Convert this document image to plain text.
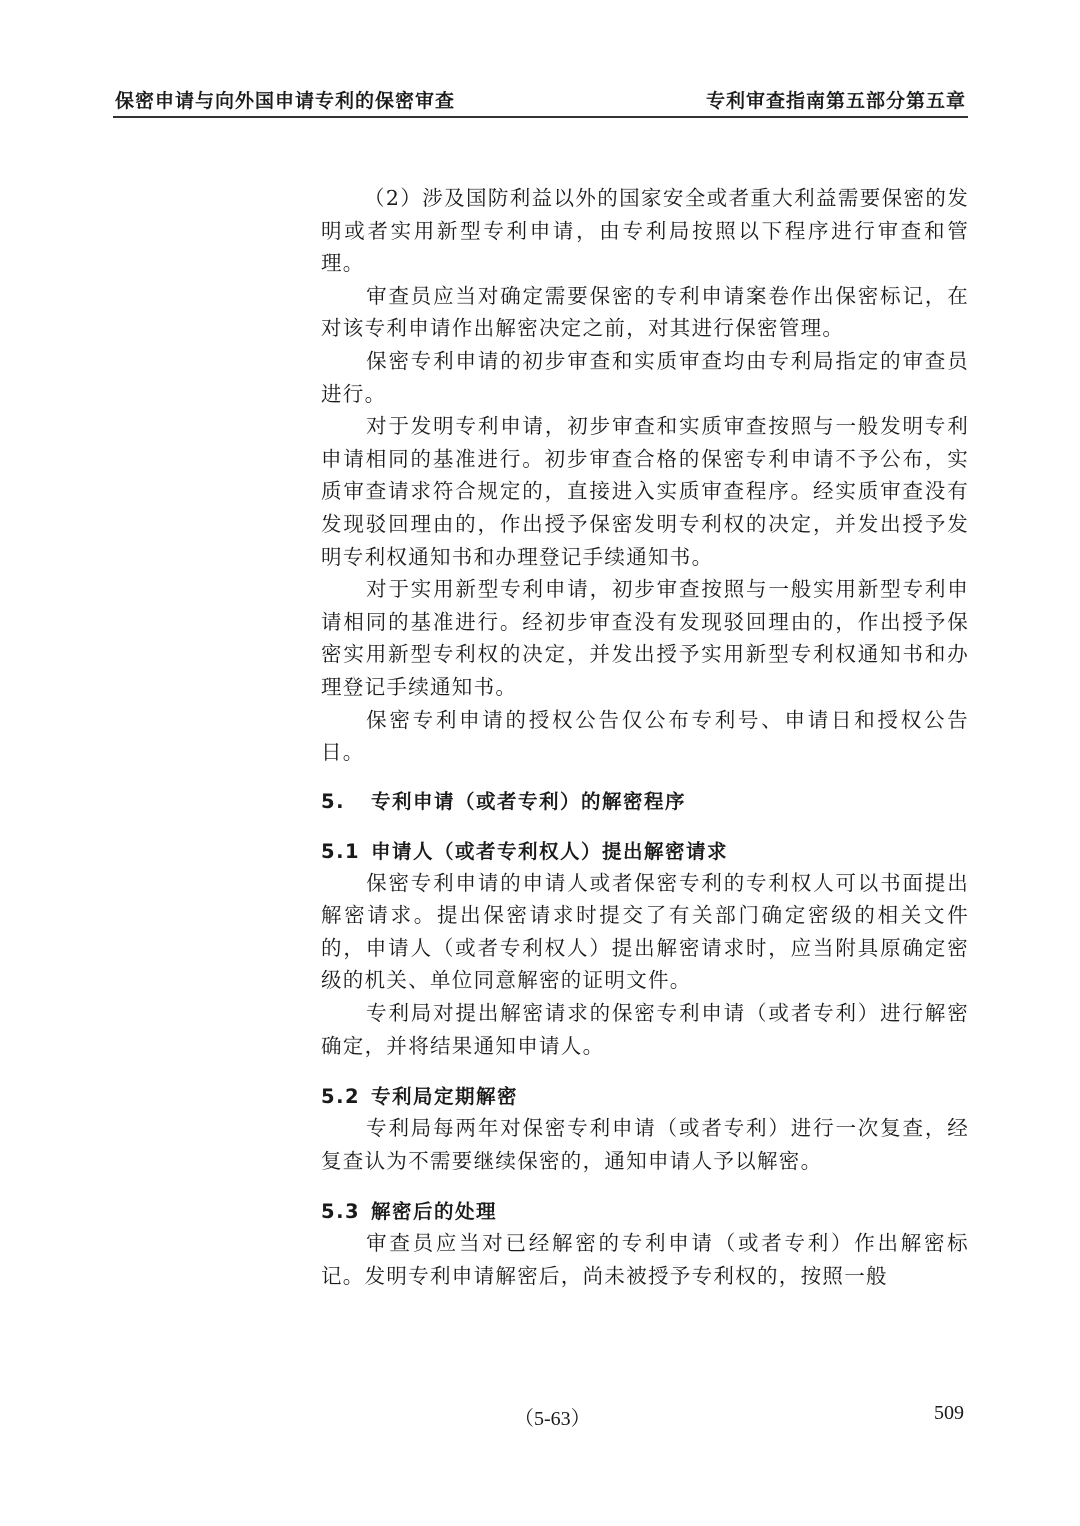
保密申请与向外国申请专利的保密审查	专利审查指南第五部分第五章

（2）涉及国防利益以外的国家安全或者重大利益需要保密的发明或者实用新型专利申请，由专利局按照以下程序进行审查和管理。

审查员应当对确定需要保密的专利申请案卷作出保密标记，在对该专利申请作出解密决定之前，对其进行保密管理。

保密专利申请的初步审查和实质审查均由专利局指定的审查员进行。

对于发明专利申请，初步审查和实质审查按照与一般发明专利申请相同的基准进行。初步审查合格的保密专利申请不予公布，实质审查请求符合规定的，直接进入实质审查程序。经实质审查没有发现驳回理由的，作出授予保密发明专利权的决定，并发出授予发明专利权通知书和办理登记手续通知书。

对于实用新型专利申请，初步审查按照与一般实用新型专利申请相同的基准进行。经初步审查没有发现驳回理由的，作出授予保密实用新型专利权的决定，并发出授予实用新型专利权通知书和办理登记手续通知书。

保密专利申请的授权公告仅公布专利号、申请日和授权公告日。

5. 专利申请（或者专利）的解密程序
5.1 申请人（或者专利权人）提出解密请求

保密专利申请的申请人或者保密专利的专利权人可以书面提出解密请求。提出保密请求时提交了有关部门确定密级的相关文件的，申请人（或者专利权人）提出解密请求时，应当附具原确定密级的机关、单位同意解密的证明文件。

专利局对提出解密请求的保密专利申请（或者专利）进行解密确定，并将结果通知申请人。

5.2 专利局定期解密

专利局每两年对保密专利申请（或者专利）进行一次复查，经复查认为不需要继续保密的，通知申请人予以解密。

5.3 解密后的处理

审查员应当对已经解密的专利申请（或者专利）作出解密标记。发明专利申请解密后，尚未被授予专利权的，按照一般

（5-63）	509
